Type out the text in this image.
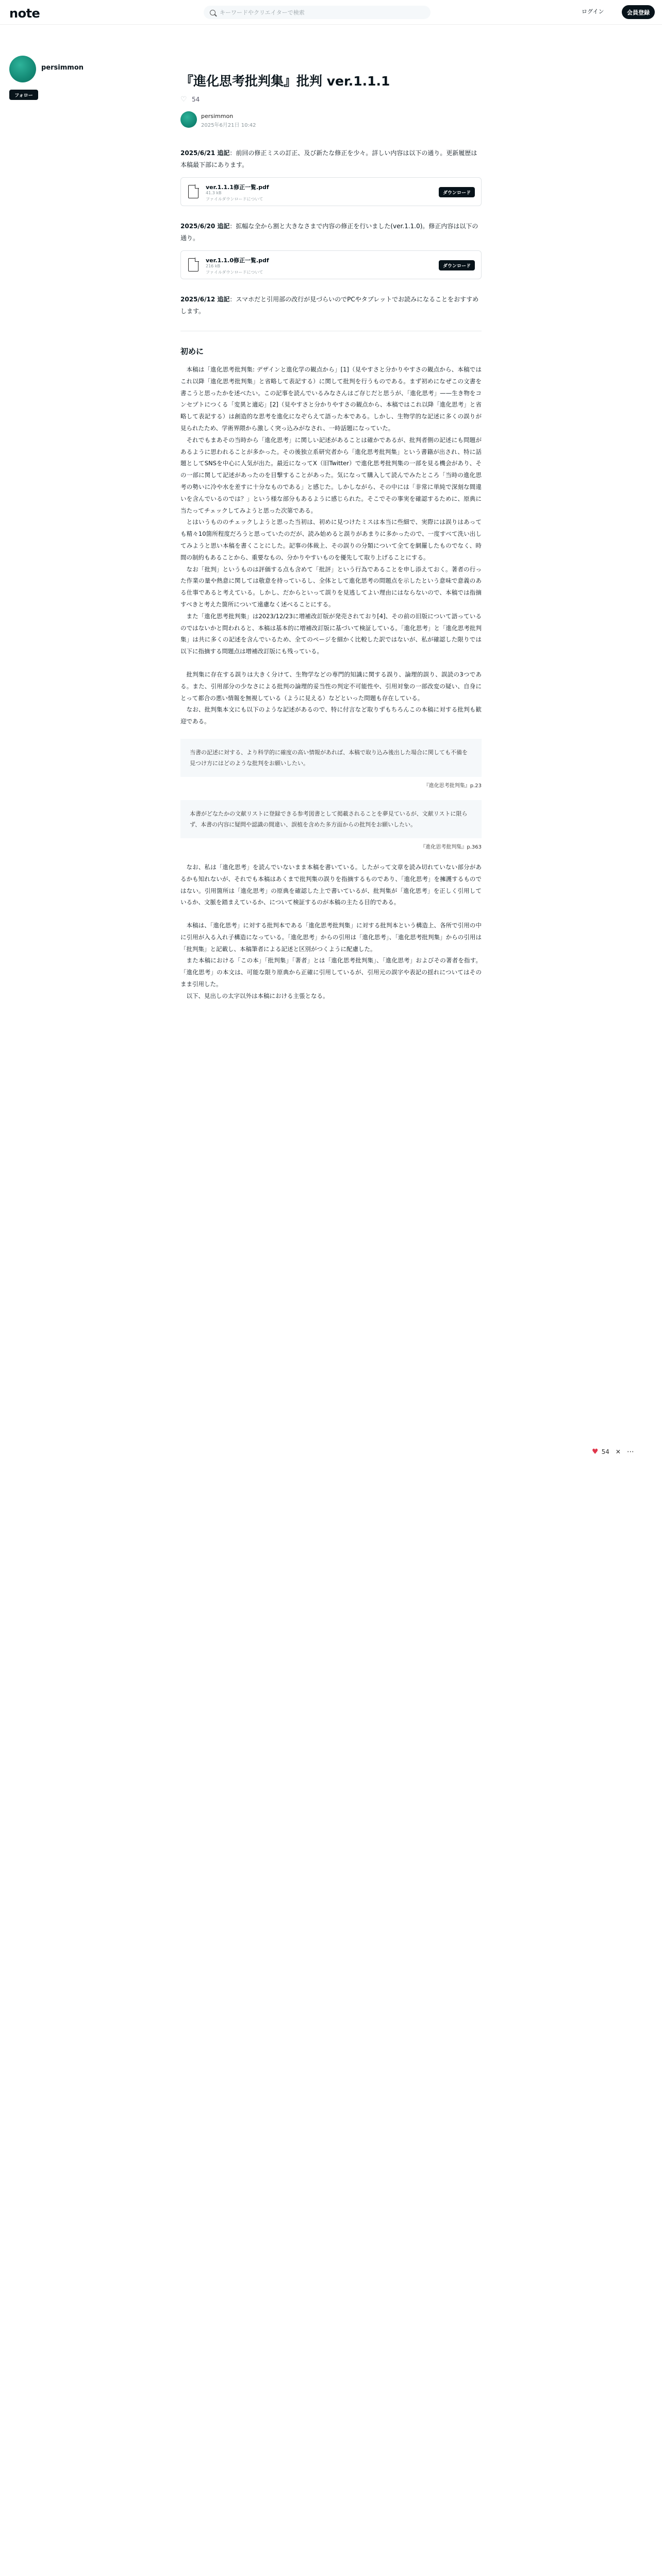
note	キーワードやクリエイターで検索	ログイン	会員登録
persimmon
フォロー
『進化思考批判集』批判 ver.1.1.1
♡ 54
persimmon
2025年6月21日 10:42
2025/6/21 追記：前回の修正ミスの訂正、及び新たな修正を少々。詳しい内容は以下の通り。更新履歴は本稿最下部にあります。
ver.1.1.1修正一覧.pdf
41.3 kB
ファイルダウンロードについて
ダウンロード
2025/6/20 追記：拡幅な全から割と大きなさまで内容の修正を行いました(ver.1.1.0)。修正内容は以下の通り。
ver.1.1.0修正一覧.pdf
216 kB
ファイルダウンロードについて
ダウンロード
2025/6/12 追記：スマホだと引用部の改行が見づらいのでPCやタブレットでお読みになることをおすすめします。
初めに

本稿は「進化思考批判集: デザインと進化学の観点から」[1]（見やすさと分かりやすさの観点から、本稿ではこれ以降「進化思考批判集」と省略して表記する）に関して批判を行うものである。まず初めになぜこの文書を書こうと思ったかを述べたい。この記事を読んでいるみなさんはご存じだと思うが、「進化思考」——生き物をコンセプトにつくる「変異と適応」[2]（見やすさと分かりやすさの観点から、本稿ではこれ以降「進化思考」と省略して表記する）は創造的な思考を進化になぞらえて語った本である。しかし、生物学的な記述に多くの誤りが見られたため、学術界隈から激しく突っ込みがなされ、一時話題になっていた。

それでもまあその当時から「進化思考」に関しい記述があることは確かであるが、批判者側の記述にも問題があるように思われることが多かった。その後独立系研究者から「進化思考批判集」という書籍が出され、特に話題としてSNSを中心に人気が出た。最近になってX（旧Twitter）で進化思考批判集の一部を見る機会があり、その一部に関して記述があったのを目撃することがあった。気になって購入して読んでみたところ「当時の進化思考の勢いに冷や水を差すに十分なものである」と感じた。しかしながら、その中には「非常に単純で深刻な間違いを含んでいるのでは？」という様な部分もあるように感じられた。そこでその事実を確認するために、原典に当たってチェックしてみようと思った次第である。

とはいうもののチェックしようと思った当初は、初めに見つけたミスは本当に些細で、実際には誤りはあっても精々10箇所程度だろうと思っていたのだが、読み始めると誤りがあまりに多かったので、一度すべて洗い出してみようと思い本稿を書くことにした。記事の体裁上、その誤りの分類について全てを網羅したものでなく、時間の制約もあることから、重要なもの、分かりやすいものを優先して取り上げることにする。

なお「批判」というものは評価する点も含めて「批評」という行為であることを申し添えておく。著者の行った作業の量や熱意に関しては敬意を持っているし、全体として進化思考の問題点を示したという意味で意義のある仕事であると考えている。しかし、だからといって誤りを見逃してよい理由にはならないので、本稿では指摘すべきと考えた箇所について遠慮なく述べることにする。

また「進化思考批判集」は2023/12/23に増補改訂版が発売されており[4]、その前の旧版について語っているのではないかと問われると、本稿は基本的に増補改訂版に基づいて検証している。「進化思考」と「進化思考批判集」は共に多くの記述を含んでいるため、全てのページを細かく比較した訳ではないが、私が確認した限りでは以下に指摘する問題点は増補改訂版にも残っている。

批判集に存在する誤りは大きく分けて、生物学などの専門的知識に関する誤り、論理的誤り、誤読の3つである。また、引用部分の少なさによる批判の論理的妥当性の判定不可能性や、引用対象の一部改変の疑い、自身にとって都合の悪い情報を無視している（ように見える）などといった問題も存在している。

なお、批判集本文にも以下のような記述があるので、特に付言など取りずもちろんこの本稿に対する批判も歓迎である。

当書の記述に対する、より科学的に確度の高い情報があれば、本稿で取り込み後出した場合に関しても不備を見つけ方にはどのような批判をお願いしたい。
『進化思考批判集』p.23
本書がどなたかの文献リストに登録できる参考図書として掲載されることを夢見ているが、文献リストに限らず、本書の内容に疑問や認識の間違い、誤植を含めた多方面からの批判をお願いしたい。
『進化思考批判集』p.363

なお、私は「進化思考」を読んでいないまま本稿を書いている。したがって文章を読み切れていない部分があるかも知れないが、それでも本稿はあくまで批判集の誤りを指摘するものであり、「進化思考」を擁護するものではない。引用箇所は「進化思考」の原典を確認した上で書いているが、批判集が「進化思考」を正しく引用しているか、文脈を踏まえているか、について検証するのが本稿の主たる目的である。

本稿は、「進化思考」に対する批判本である「進化思考批判集」に対する批判本という構造上、各所で引用の中に引用が入る入れ子構造になっている。「進化思考」からの引用は「進化思考」、「進化思考批判集」からの引用は「批判集」と記載し、本稿筆者による記述と区別がつくように配慮した。

また本稿における「この本」「批判集」「著者」とは「進化思考批判集」、「進化思考」およびその著者を指す。「進化思考」の本文は、可能な限り原典から正確に引用しているが、引用元の誤字や表記の揺れについてはそのまま引用した。

以下、見出しの太字以外は本稿における主張となる。

♥ 54 ✕ ⋯
